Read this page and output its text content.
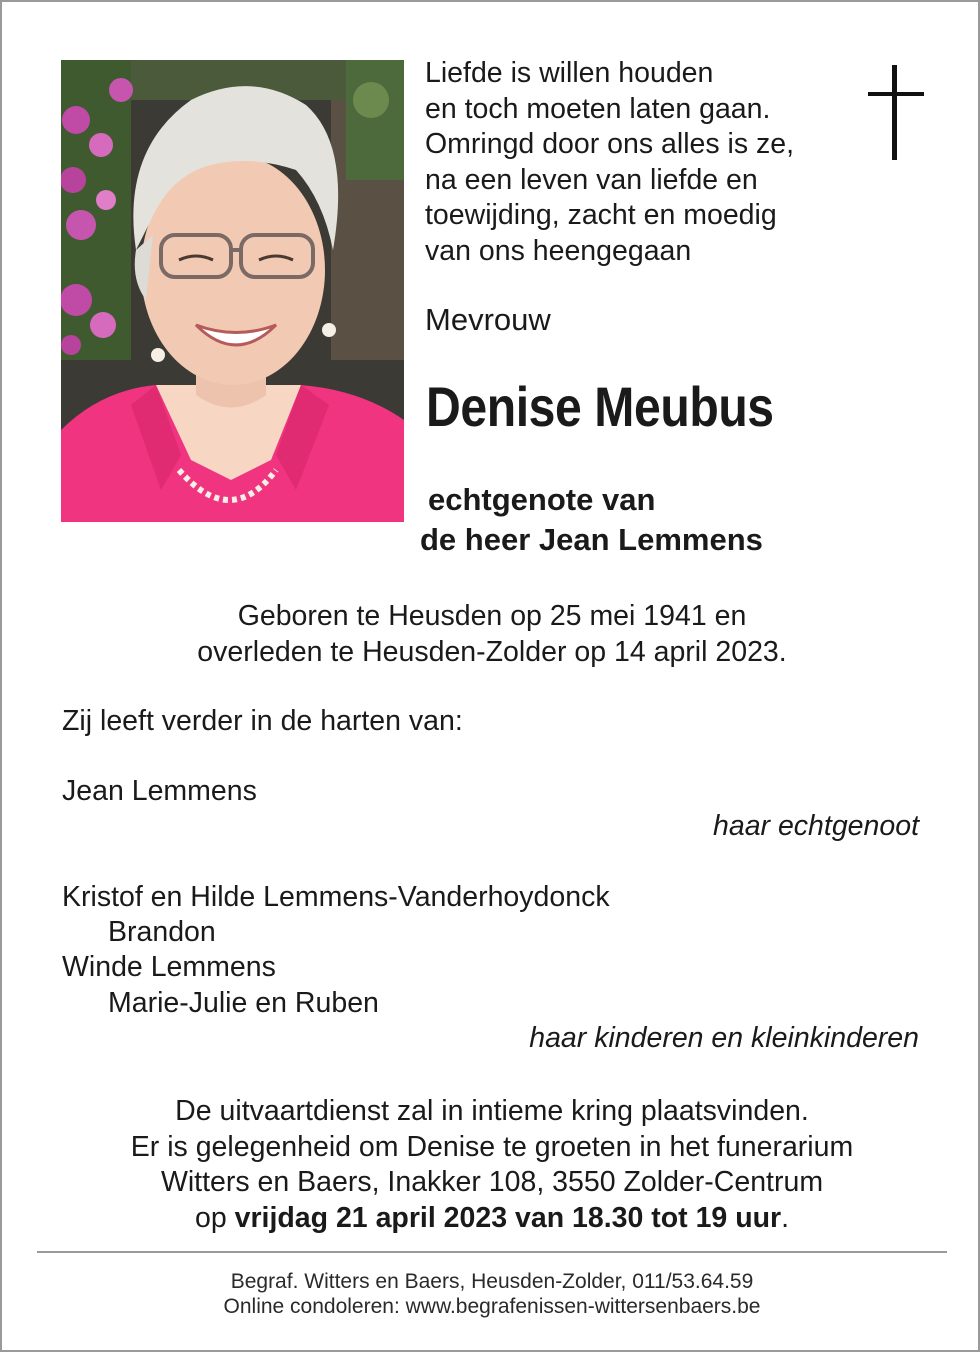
Liefde is willen houden
en toch moeten laten gaan.
Omringd door ons alles is ze,
na een leven van liefde en
toewijding, zacht en moedig
van ons heengegaan
Mevrouw
Denise Meubus
echtgenote van
de heer Jean Lemmens
Geboren te Heusden op 25 mei 1941 en
overleden te Heusden-Zolder op 14 april 2023.
Zij leeft verder in de harten van:
Jean Lemmens
haar echtgenoot
Kristof en Hilde Lemmens-Vanderhoydonck
Brandon
Winde Lemmens
Marie-Julie en Ruben
haar kinderen en kleinkinderen
De uitvaartdienst zal in intieme kring plaatsvinden.
Er is gelegenheid om Denise te groeten in het funerarium
Witters en Baers, Inakker 108, 3550 Zolder-Centrum
op vrijdag 21 april 2023 van 18.30 tot 19 uur.
Begraf. Witters en Baers, Heusden-Zolder, 011/53.64.59
Online condoleren: www.begrafenissen-wittersenbaers.be
